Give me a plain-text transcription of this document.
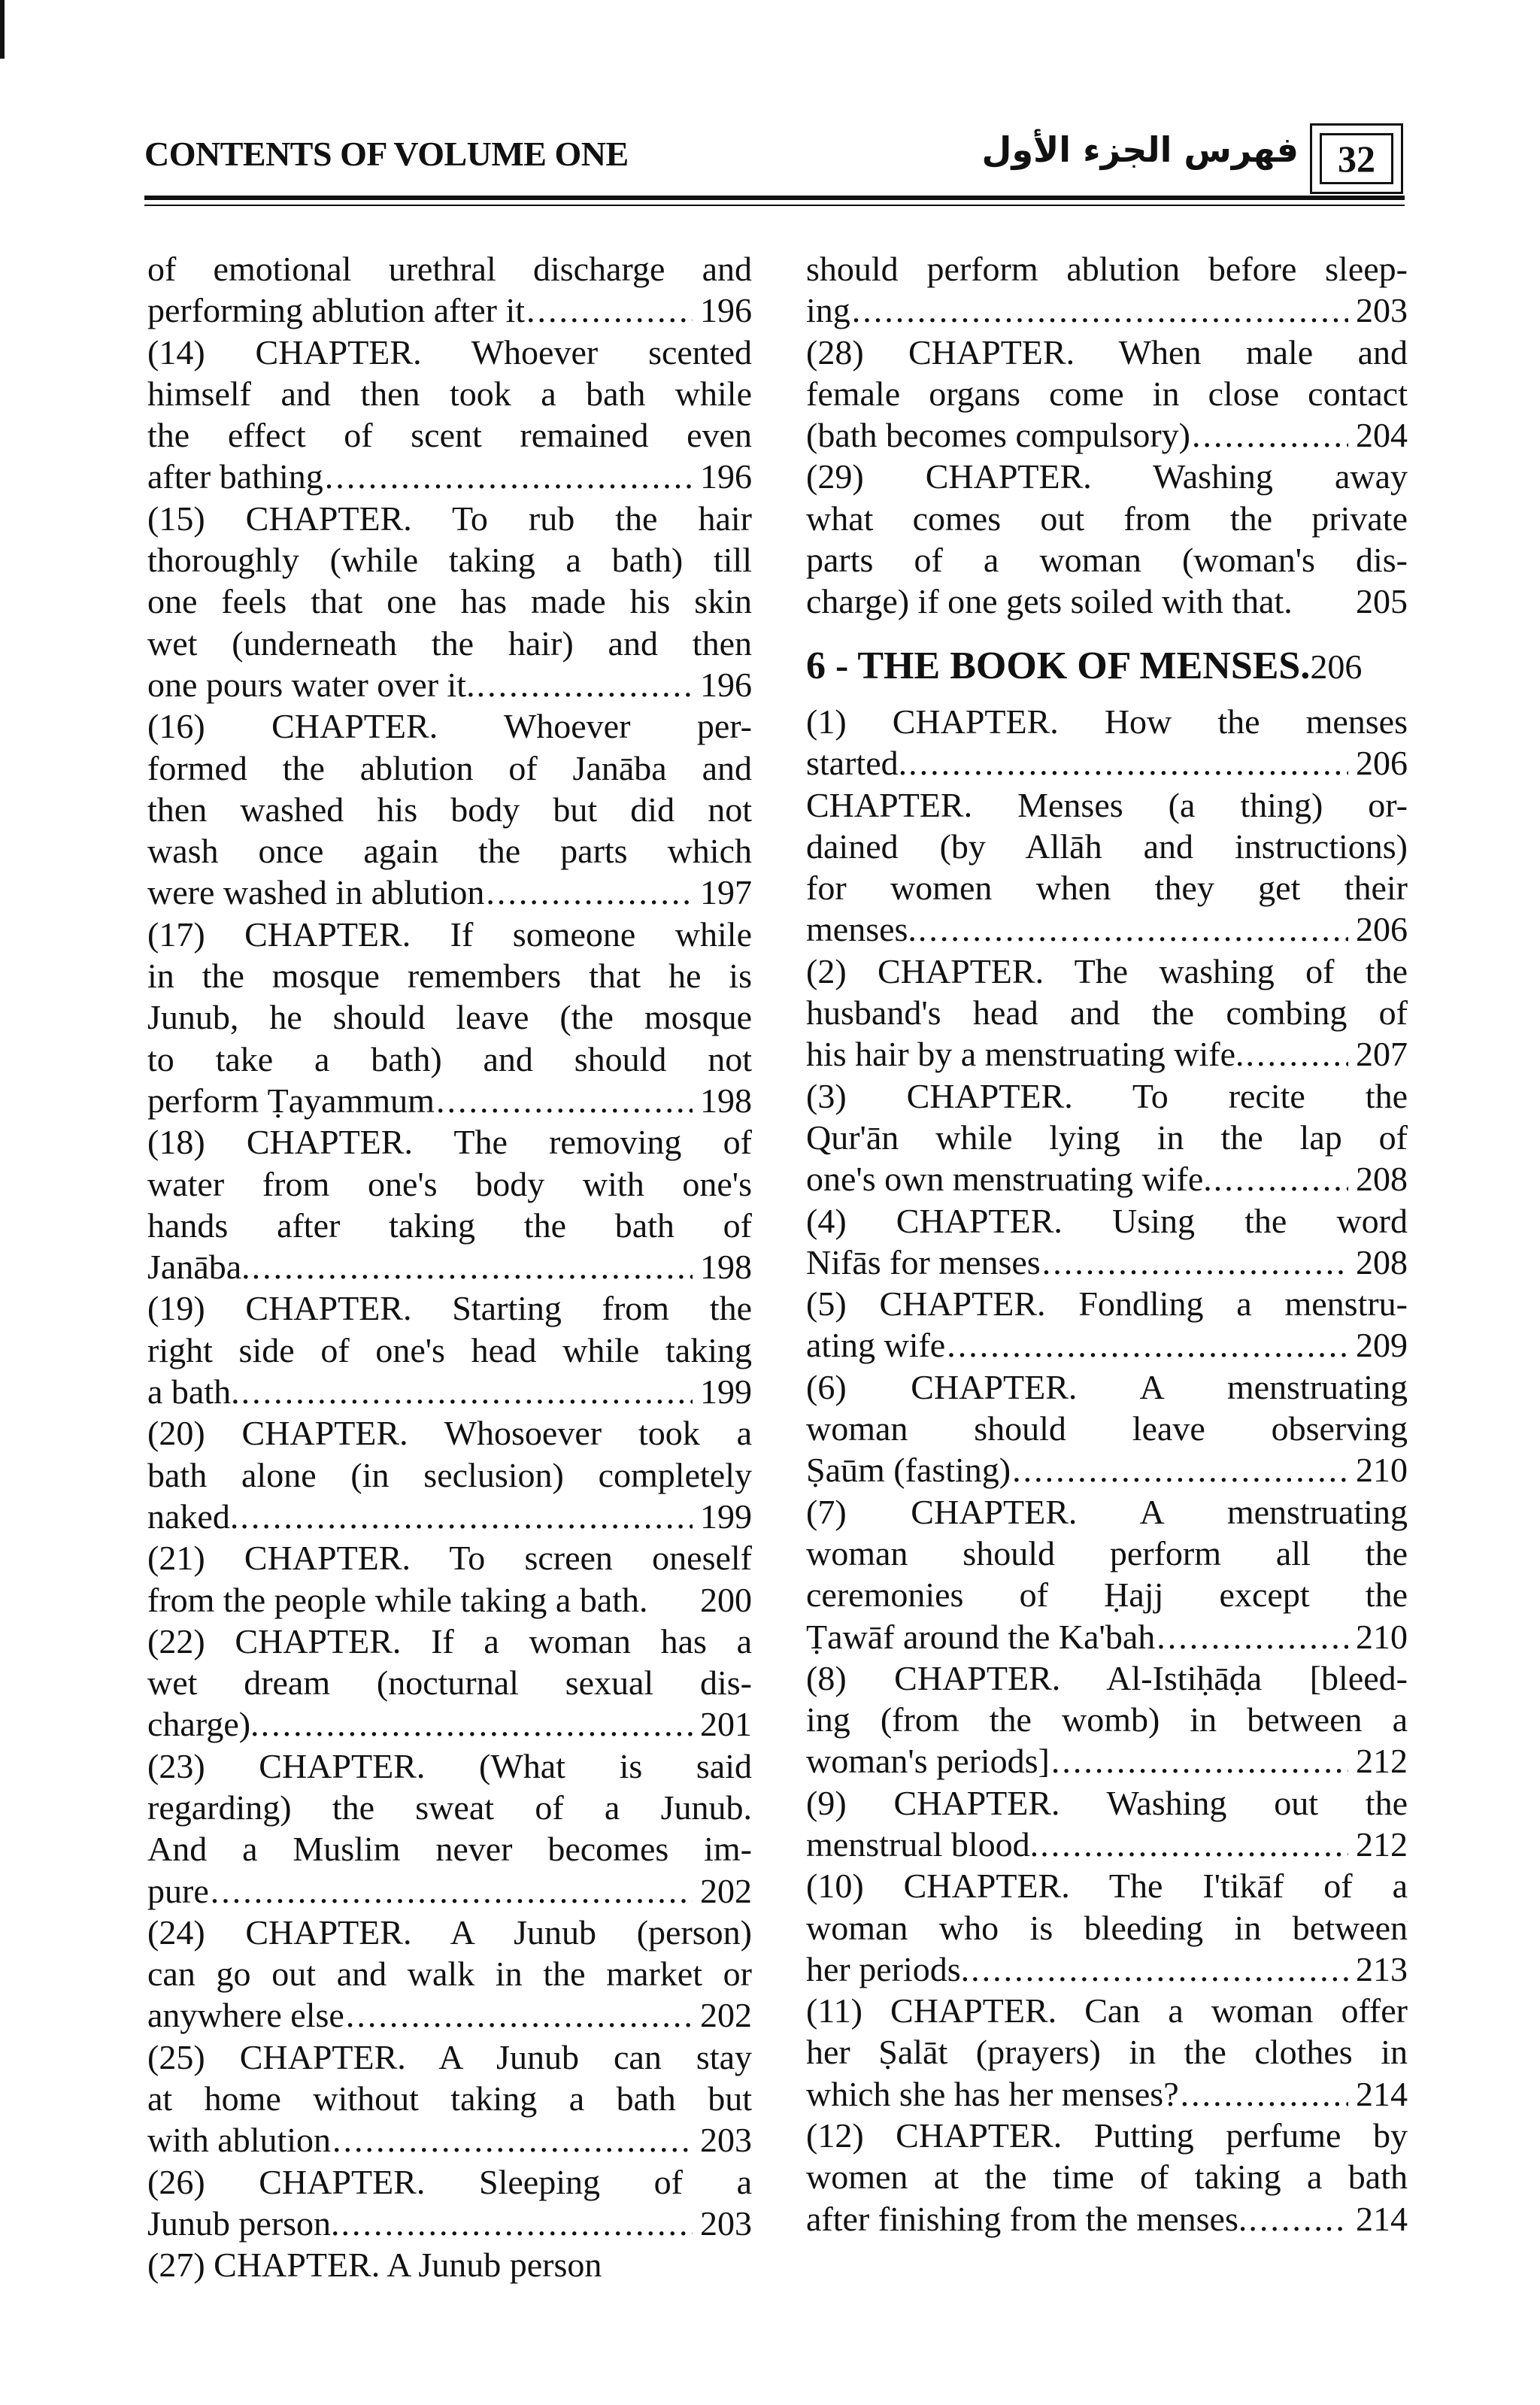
CONTENTS OF VOLUME ONE	فهرس الجزء الأول	32
of emotional urethral discharge and
performing ablution after it .....	196
(14) CHAPTER. Whoever scented
himself and then took a bath while
the effect of scent remained even
after bathing .....	196
(15) CHAPTER. To rub the hair
thoroughly (while taking a bath) till
one feels that one has made his skin
wet (underneath the hair) and then
one pours water over it. .....	196
(16) CHAPTER. Whoever per-
formed the ablution of Janāba and
then washed his body but did not
wash once again the parts which
were washed in ablution .....	197
(17) CHAPTER. If someone while
in the mosque remembers that he is
Junub, he should leave (the mosque
to take a bath) and should not
perform Ṭayammum .....	198
(18) CHAPTER. The removing of
water from one's body with one's
hands after taking the bath of
Janāba. .....	198
(19) CHAPTER. Starting from the
right side of one's head while taking
a bath. .....	199
(20) CHAPTER. Whosoever took a
bath alone (in seclusion) completely
naked. .....	199
(21) CHAPTER. To screen oneself
from the people while taking a bath. 200
(22) CHAPTER. If a woman has a
wet dream (nocturnal sexual dis-
charge). .....	201
(23) CHAPTER. (What is said
regarding) the sweat of a Junub.
And a Muslim never becomes im-
pure .....	202
(24) CHAPTER. A Junub (person)
can go out and walk in the market or
anywhere else .....	202
(25) CHAPTER. A Junub can stay
at home without taking a bath but
with ablution .....	203
(26) CHAPTER. Sleeping of a
Junub person. .....	203
(27) CHAPTER. A Junub person
should perform ablution before sleep-
ing .....	203
(28) CHAPTER. When male and
female organs come in close contact
(bath becomes compulsory) .....	204
(29) CHAPTER. Washing away
what comes out from the private
parts of a woman (woman's dis-
charge) if one gets soiled with that. 205
6 - THE BOOK OF MENSES.206
(1) CHAPTER. How the menses
started. .....	206
CHAPTER. Menses (a thing) or-
dained (by Allāh and instructions)
for women when they get their
menses. .....	206
(2) CHAPTER. The washing of the
husband's head and the combing of
his hair by a menstruating wife. .....	207
(3) CHAPTER. To recite the
Qur'ān while lying in the lap of
one's own menstruating wife. .....	208
(4) CHAPTER. Using the word
Nifās for menses .....	208
(5) CHAPTER. Fondling a menstru-
ating wife .....	209
(6) CHAPTER. A menstruating
woman should leave observing
Ṣaūm (fasting) .....	210
(7) CHAPTER. A menstruating
woman should perform all the
ceremonies of Ḥajj except the
Ṭawāf around the Ka'bah .....	210
(8) CHAPTER. Al-Istiḥāḍa [bleed-
ing (from the womb) in between a
woman's periods] .....	212
(9) CHAPTER. Washing out the
menstrual blood. .....	212
(10) CHAPTER. The I'tikāf of a
woman who is bleeding in between
her periods. .....	213
(11) CHAPTER. Can a woman offer
her Ṣalāt (prayers) in the clothes in
which she has her menses? .....	214
(12) CHAPTER. Putting perfume by
women at the time of taking a bath
after finishing from the menses. .....	214
